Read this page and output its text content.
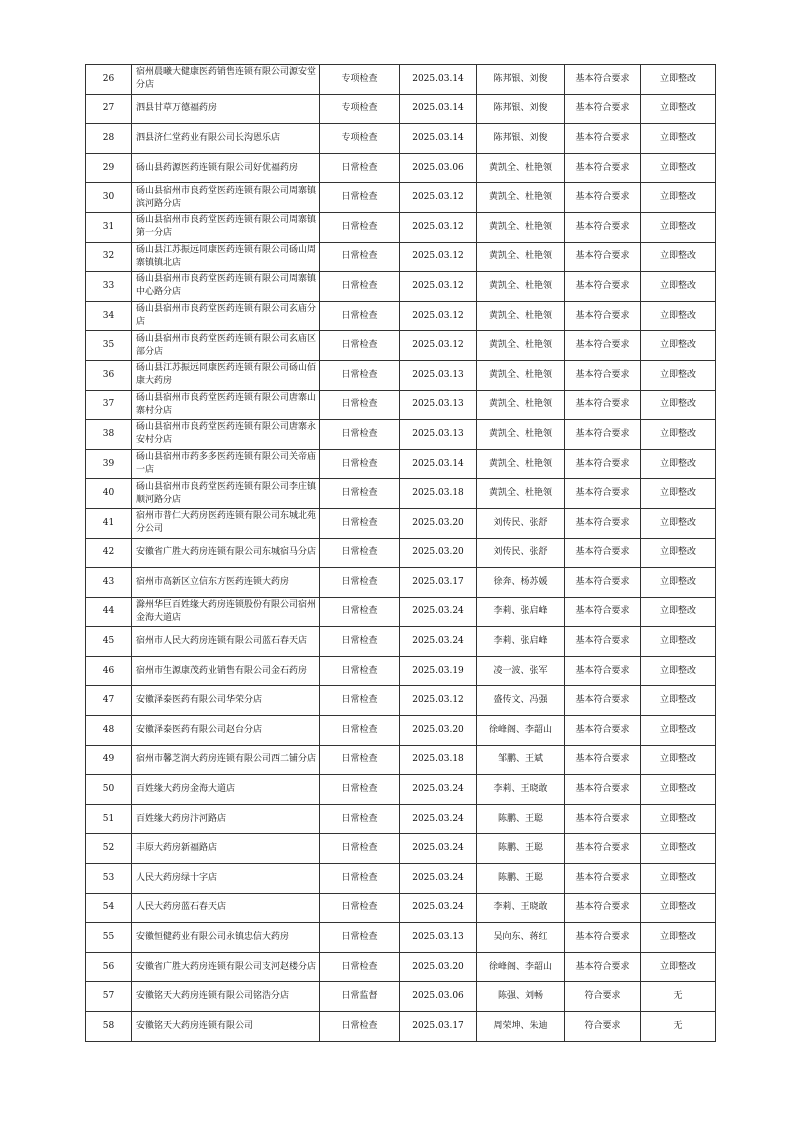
26	宿州晨曦大健康医药销售连锁有限公司源安堂分店	专项检查	2025.03.14	陈邦银、刘俊	基本符合要求	立即整改
27	泗县甘草万德福药房	专项检查	2025.03.14	陈邦银、刘俊	基本符合要求	立即整改
28	泗县济仁堂药业有限公司长沟恩乐店	专项检查	2025.03.14	陈邦银、刘俊	基本符合要求	立即整改
29	砀山县药源医药连锁有限公司好优福药房	日常检查	2025.03.06	黄凯全、杜艳领	基本符合要求	立即整改
30	砀山县宿州市良药堂医药连锁有限公司周寨镇滨河路分店	日常检查	2025.03.12	黄凯全、杜艳领	基本符合要求	立即整改
31	砀山县宿州市良药堂医药连锁有限公司周寨镇第一分店	日常检查	2025.03.12	黄凯全、杜艳领	基本符合要求	立即整改
32	砀山县江苏振远同康医药连锁有限公司砀山周寨镇镇北店	日常检查	2025.03.12	黄凯全、杜艳领	基本符合要求	立即整改
33	砀山县宿州市良药堂医药连锁有限公司周寨镇中心路分店	日常检查	2025.03.12	黄凯全、杜艳领	基本符合要求	立即整改
34	砀山县宿州市良药堂医药连锁有限公司玄庙分店	日常检查	2025.03.12	黄凯全、杜艳领	基本符合要求	立即整改
35	砀山县宿州市良药堂医药连锁有限公司玄庙区部分店	日常检查	2025.03.12	黄凯全、杜艳领	基本符合要求	立即整改
36	砀山县江苏振远同康医药连锁有限公司砀山佰康大药房	日常检查	2025.03.13	黄凯全、杜艳领	基本符合要求	立即整改
37	砀山县宿州市良药堂医药连锁有限公司唐寨山寨村分店	日常检查	2025.03.13	黄凯全、杜艳领	基本符合要求	立即整改
38	砀山县宿州市良药堂医药连锁有限公司唐寨永安村分店	日常检查	2025.03.13	黄凯全、杜艳领	基本符合要求	立即整改
39	砀山县宿州市药多多医药连锁有限公司关帝庙一店	日常检查	2025.03.14	黄凯全、杜艳领	基本符合要求	立即整改
40	砀山县宿州市良药堂医药连锁有限公司李庄镇顺河路分店	日常检查	2025.03.18	黄凯全、杜艳领	基本符合要求	立即整改
41	宿州市普仁大药房医药连锁有限公司东城北苑分公司	日常检查	2025.03.20	刘传民、张舒	基本符合要求	立即整改
42	安徽省广胜大药房连锁有限公司东城宿马分店	日常检查	2025.03.20	刘传民、张舒	基本符合要求	立即整改
43	宿州市高新区立信东方医药连锁大药房	日常检查	2025.03.17	徐奔、杨苏媛	基本符合要求	立即整改
44	滁州华巨百姓缘大药房连锁股份有限公司宿州金海大道店	日常检查	2025.03.24	李莉、张启峰	基本符合要求	立即整改
45	宿州市人民大药房连锁有限公司蓝石春天店	日常检查	2025.03.24	李莉、张启峰	基本符合要求	立即整改
46	宿州市生源康茂药业销售有限公司金石药房	日常检查	2025.03.19	凌一波、张军	基本符合要求	立即整改
47	安徽泽泰医药有限公司华荣分店	日常检查	2025.03.12	盛传文、冯强	基本符合要求	立即整改
48	安徽泽泰医药有限公司赵台分店	日常检查	2025.03.20	徐峰阁、李韶山	基本符合要求	立即整改
49	宿州市馨芝润大药房连锁有限公司西二铺分店	日常检查	2025.03.18	邹鹏、王斌	基本符合要求	立即整改
50	百姓缘大药房金海大道店	日常检查	2025.03.24	李莉、王晓敢	基本符合要求	立即整改
51	百姓缘大药房汴河路店	日常检查	2025.03.24	陈鹏、王聪	基本符合要求	立即整改
52	丰原大药房新福路店	日常检查	2025.03.24	陈鹏、王聪	基本符合要求	立即整改
53	人民大药房绿十字店	日常检查	2025.03.24	陈鹏、王聪	基本符合要求	立即整改
54	人民大药房蓝石春天店	日常检查	2025.03.24	李莉、王晓敢	基本符合要求	立即整改
55	安徽恒健药业有限公司永镇忠信大药房	日常检查	2025.03.13	吴向东、蒋红	基本符合要求	立即整改
56	安徽省广胜大药房连锁有限公司支河赵楼分店	日常检查	2025.03.20	徐峰阁、李韶山	基本符合要求	立即整改
57	安徽铭天大药房连锁有限公司铭浩分店	日常监督	2025.03.06	陈强、刘畅	符合要求	无
58	安徽铭天大药房连锁有限公司	日常检查	2025.03.17	周荣坤、朱迪	符合要求	无
